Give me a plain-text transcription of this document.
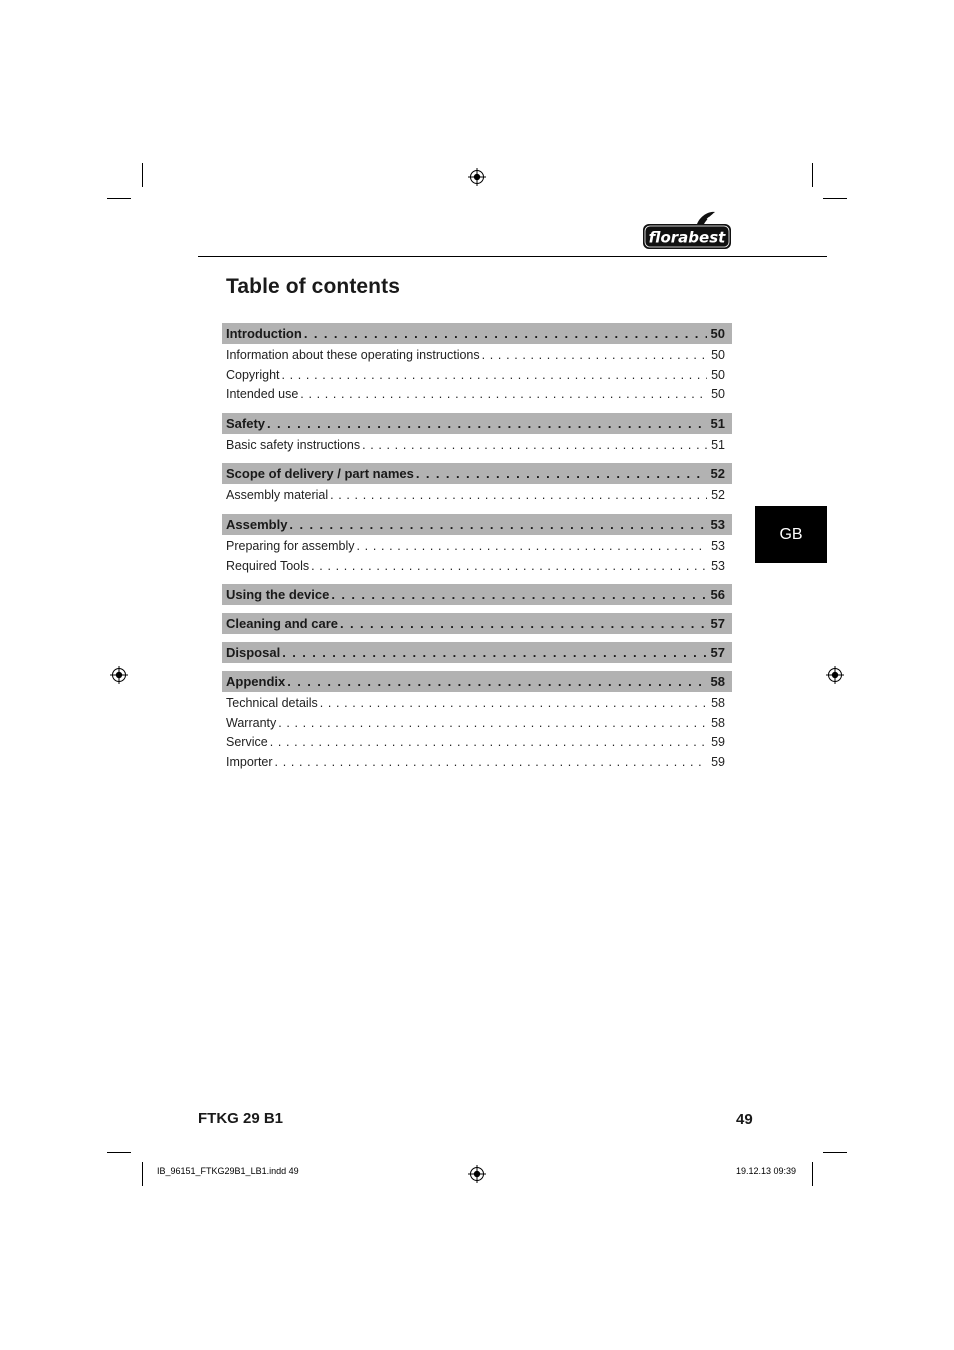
florabest
Table of contents
Introduction . . .	50
Information about these operating instructions . . .	50
Copyright . . .	50
Intended use . . .	50
Safety . . .	51
Basic safety instructions . . .	51
Scope of delivery / part names . . .	52
Assembly material . . .	52
Assembly . . .	53
Preparing for assembly . . .	53
Required Tools . . .	53
Using the device . . .	56
Cleaning and care . . .	57
Disposal . . .	57
Appendix . . .	58
Technical details . . .	58
Warranty . . .	58
Service . . .	59
Importer . . .	59
GB
FTKG 29 B1	49
IB_96151_FTKG29B1_LB1.indd 49	19.12.13 09:39
